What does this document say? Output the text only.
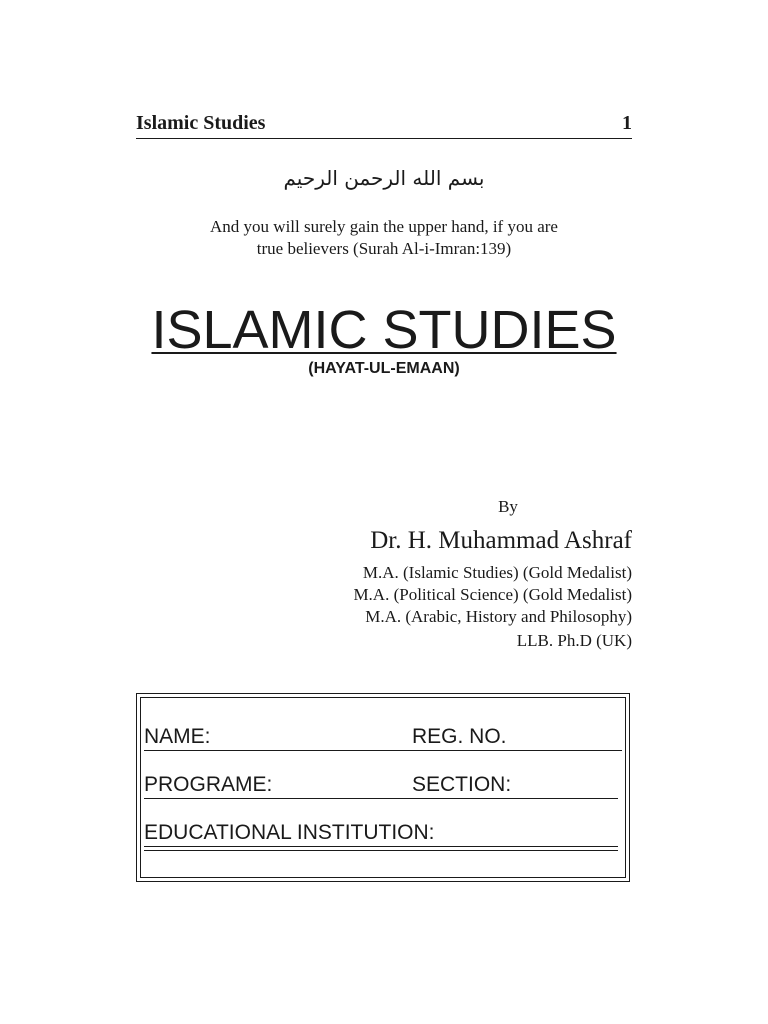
Islamic Studies	1
بسم الله الرحمن الرحيم
And you will surely gain the upper hand, if you are
true believers (Surah Al-i-Imran:139)
ISLAMIC STUDIES
(HAYAT-UL-EMAAN)
By
Dr. H. Muhammad Ashraf
M.A. (Islamic Studies) (Gold Medalist)
M.A. (Political Science) (Gold Medalist)
M.A. (Arabic, History and Philosophy)
LLB. Ph.D (UK)
NAME:	REG. NO.
PROGRAME:	SECTION:
EDUCATIONAL INSTITUTION:
